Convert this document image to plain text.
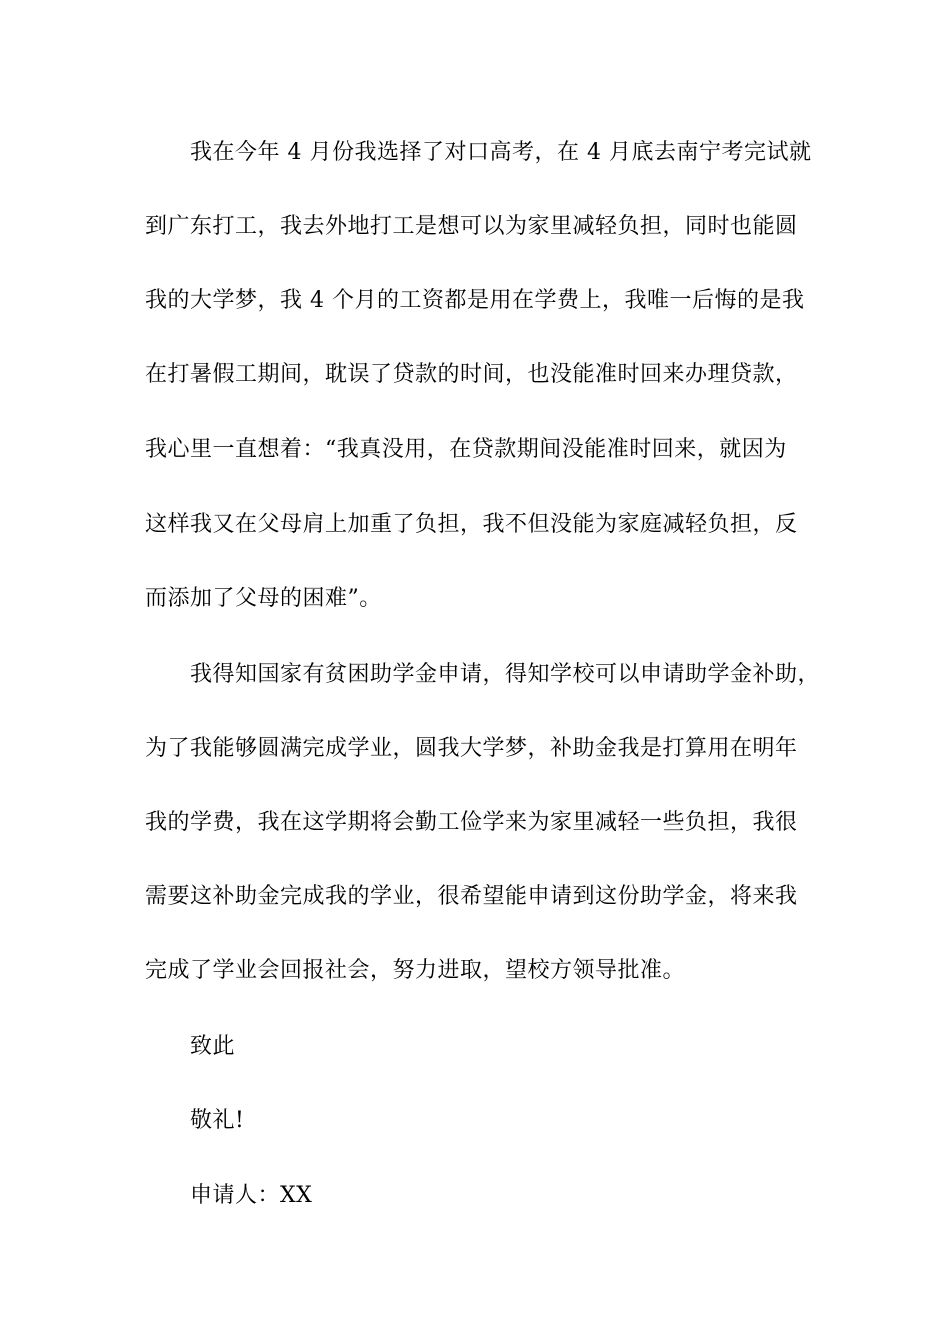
我在今年 4 月份我选择了对口高考，在 4 月底去南宁考完试就
到广东打工，我去外地打工是想可以为家里减轻负担，同时也能圆
我的大学梦，我 4 个月的工资都是用在学费上，我唯一后悔的是我
在打暑假工期间，耽误了贷款的时间，也没能准时回来办理贷款，
我心里一直想着：“我真没用，在贷款期间没能准时回来，就因为
这样我又在父母肩上加重了负担，我不但没能为家庭减轻负担，反
而添加了父母的困难”。
我得知国家有贫困助学金申请，得知学校可以申请助学金补助，
为了我能够圆满完成学业，圆我大学梦，补助金我是打算用在明年
我的学费，我在这学期将会勤工俭学来为家里减轻一些负担，我很
需要这补助金完成我的学业，很希望能申请到这份助学金，将来我
完成了学业会回报社会，努力进取，望校方领导批准。
致此
敬礼!
申请人：XX
